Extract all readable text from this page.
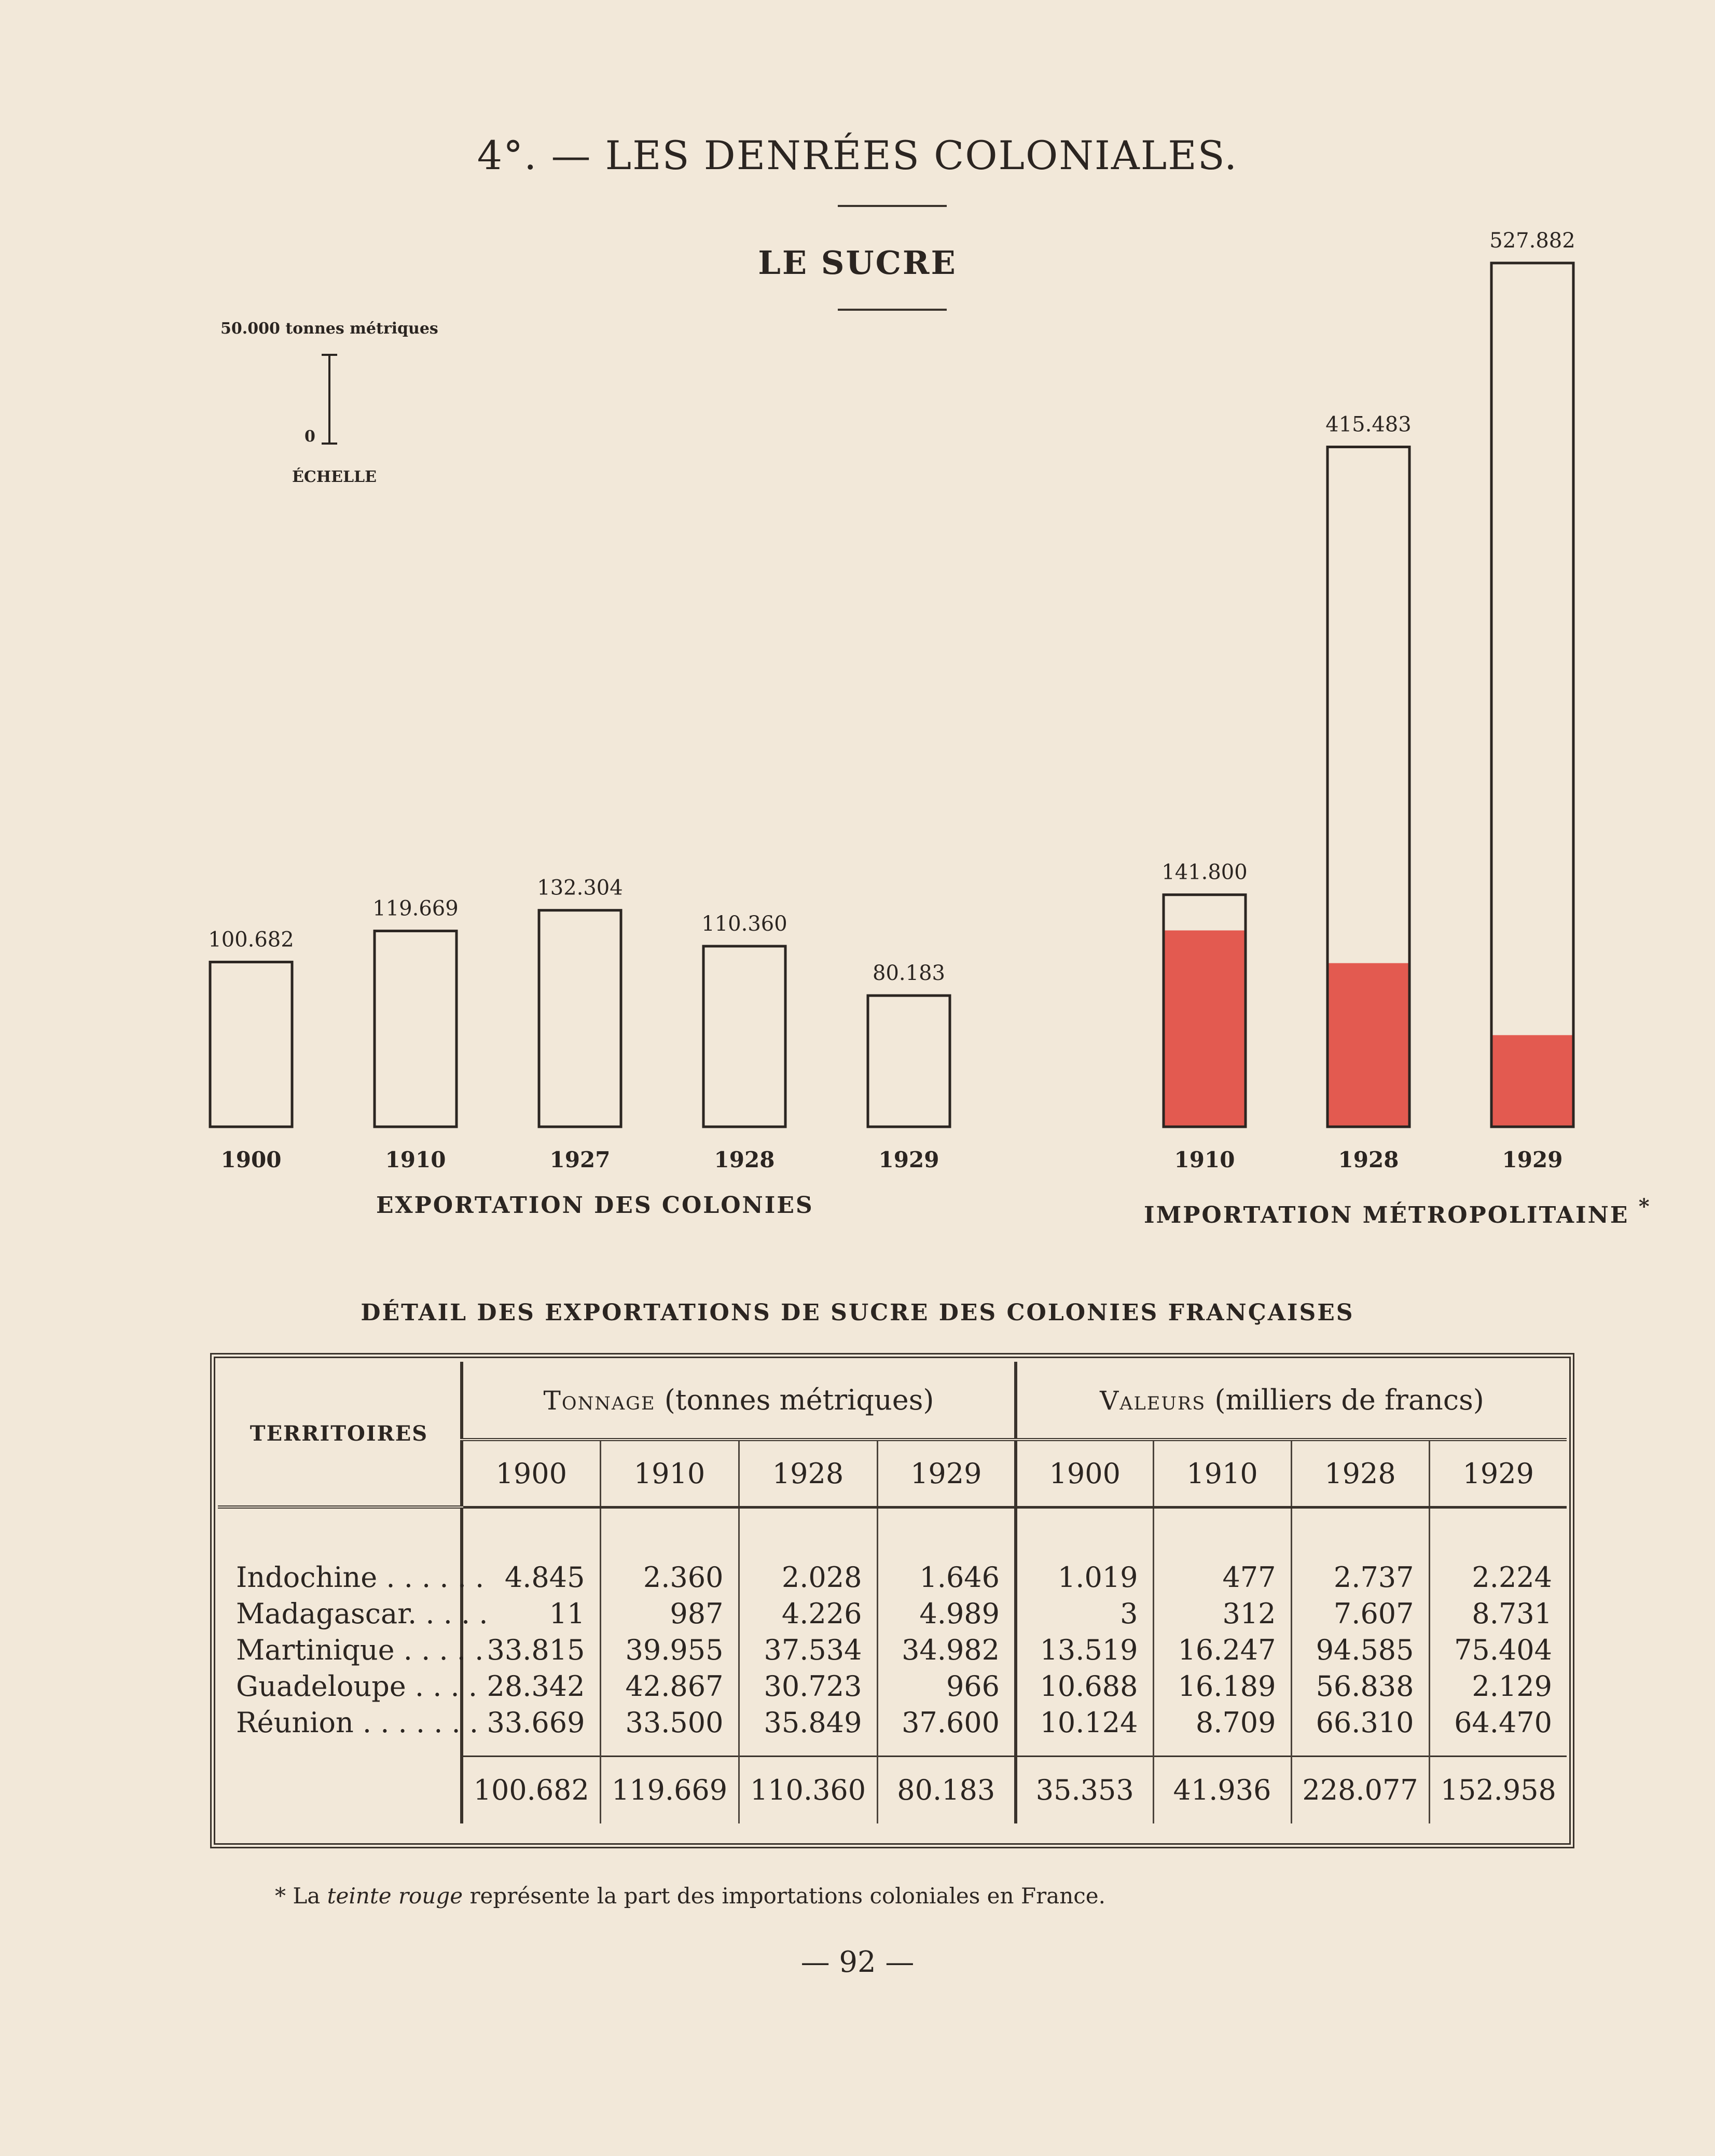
4°. — LES DENRÉES COLONIALES.
LE SUCRE
50.000 tonnes métriques
0
ÉCHELLE
100.682
1900
119.669
1910
132.304
1927
110.360
1928
80.183
1929
141.800
1910
415.483
1928
527.882
1929
EXPORTATION DES COLONIES	IMPORTATION MÉTROPOLITAINE *
DÉTAIL DES EXPORTATIONS DE SUCRE DES COLONIES FRANÇAISES
TERRITOIRES	Tonnage (tonnes métriques)				Valeurs (milliers de francs)			
	1900	1910	1928	1929	1900	1910	1928	1929

Indochine . . . . . .	4.845	2.360	2.028	1.646	1.019	477	2.737	2.224
Madagascar. . . . .	11	987	4.226	4.989	3	312	7.607	8.731
Martinique . . . . .	33.815	39.955	37.534	34.982	13.519	16.247	94.585	75.404
Guadeloupe . . . .	28.342	42.867	30.723	966	10.688	16.189	56.838	2.129
Réunion . . . . . . .	33.669	33.500	35.849	37.600	10.124	8.709	66.310	64.470

	100.682	119.669	110.360	80.183	35.353	41.936	228.077	152.958
* La teinte rouge représente la part des importations coloniales en France.
— 92 —
